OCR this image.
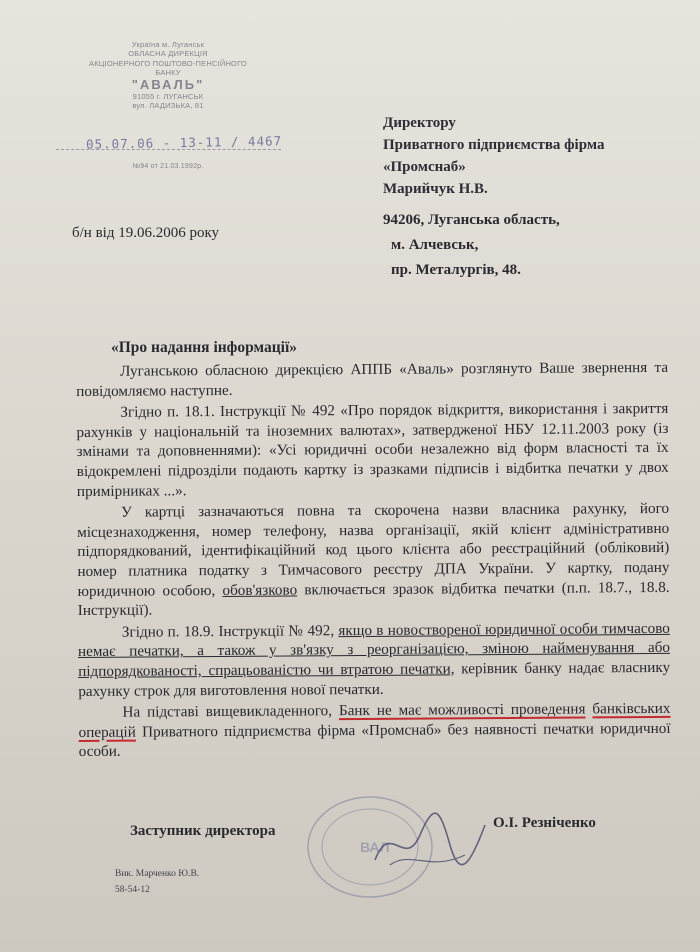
Україна м. Луганськ
ОБЛАСНА ДИРЕКЦІЯ
АКЦІОНЕРНОГО ПОШТОВО-ПЕНСІЙНОГО
БАНКУ
"АВАЛЬ"
91055 г. ЛУГАНСЬК
вул. ЛАДИЗЬКА, 81
05.07.06 - 13-11 / 4467
№94 от 21.03.1992р.
Директору
Приватного підприємства фірма
«Промснаб»
Марийчук Н.В.
94206, Луганська область,
м. Алчевськ,
пр. Металургів, 48.
б/н від 19.06.2006 року
«Про надання інформації»

Луганською обласною дирекцією АППБ «Аваль» розглянуто Ваше звернення та повідомляємо наступне.

Згідно п. 18.1. Інструкції № 492 «Про порядок відкриття, використання і закриття рахунків у національній та іноземних валютах», затвердженої НБУ 12.11.2003 року (із змінами та доповненнями): «Усі юридичні особи незалежно від форм власності та їх відокремлені підрозділи подають картку із зразками підписів і відбитка печатки у двох примірниках ...».

У картці зазначаються повна та скорочена назви власника рахунку, його місцезнаходження, номер телефону, назва організації, якій клієнт адміністративно підпорядкований, ідентифікаційний код цього клієнта або реєстраційний (обліковий) номер платника податку з Тимчасового реєстру ДПА України. У картку, подану юридичною особою, обов'язково включається зразок відбитка печатки (п.п. 18.7., 18.8. Інструкції).

Згідно п. 18.9. Інструкції № 492, якщо в новоствореної юридичної особи тимчасово немає печатки, а також у зв'язку з реорганізацією, зміною найменування або підпорядкованості, спрацьованістю чи втратою печатки, керівник банку надає власнику рахунку строк для виготовлення нової печатки.

На підставі вищевикладенного, Банк не має можливості проведення банківських операцій Приватного підприємства фірма «Промснаб» без наявності печатки юридичної особи.

ВАЛ
Заступник директора	О.І. Резніченко
Вик. Марченко Ю.В.
58-54-12
